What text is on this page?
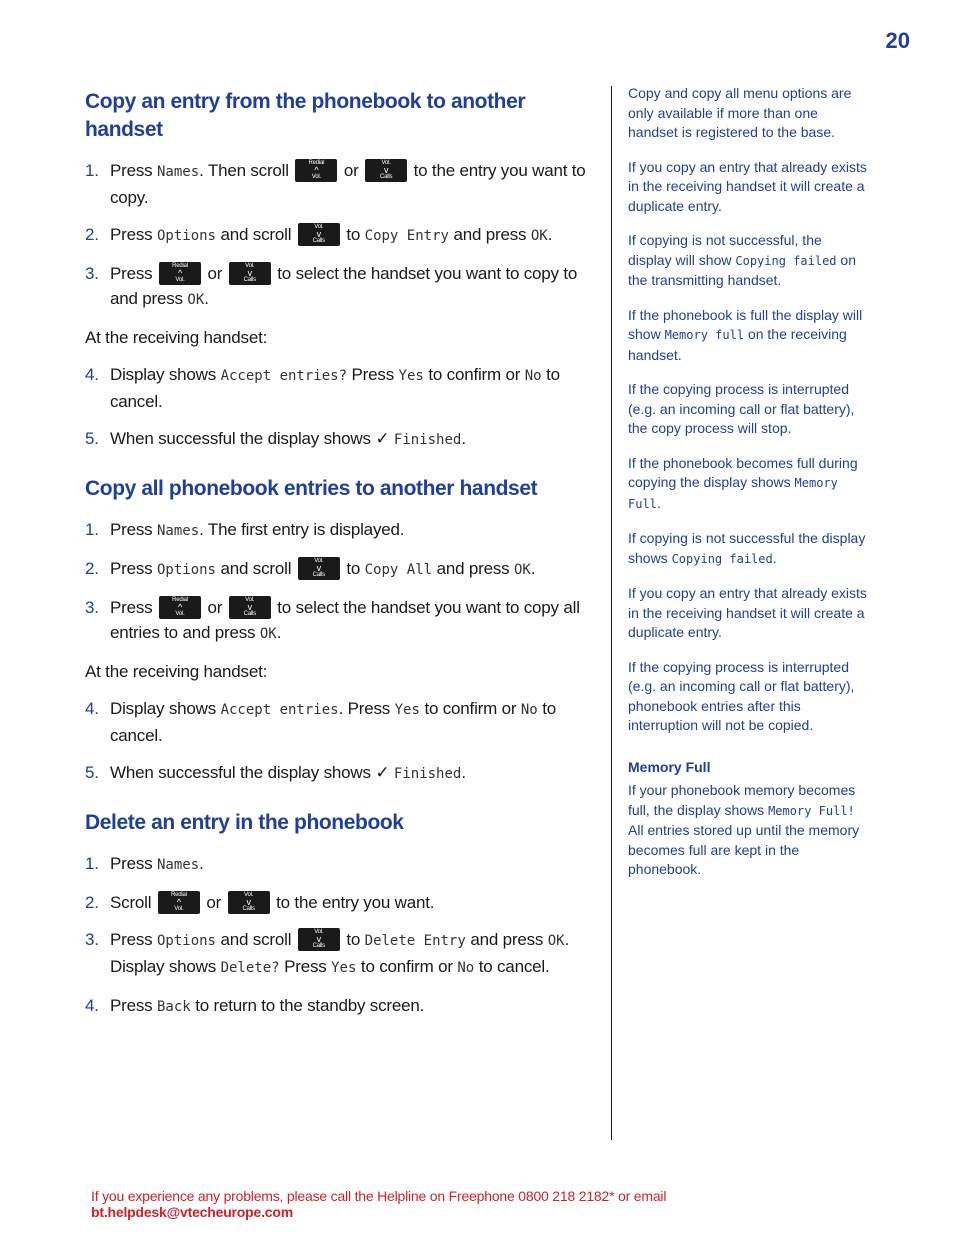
20
Copy an entry from the phonebook to another handset
1. Press Names. Then scroll	Redial
^
Vol.	or	Vol.
v
Calls to the entry you want to copy.
2. Press Options and scroll	Vol.
v
Calls to Copy Entry and press OK.
3. Press	Redial
^
Vol.	or	Vol.
v
Calls to select the handset you want to copy to and press OK.

At the receiving handset:

4. Display shows Accept entries? Press Yes to confirm or No to cancel.
5. When successful the display shows ✓ Finished.
Copy all phonebook entries to another handset
1. Press Names. The first entry is displayed.
2. Press Options and scroll	Vol.
v
Calls to Copy All and press OK.
3. Press	Redial
^
Vol.	or	Vol.
v
Calls to select the handset you want to copy all entries to and press OK.

At the receiving handset:

4. Display shows Accept entries. Press Yes to confirm or No to cancel.
5. When successful the display shows ✓ Finished.
Delete an entry in the phonebook
1. Press Names.
2. Scroll	Redial
^
Vol.	or	Vol.
v
Calls to the entry you want.
3. Press Options and scroll	Vol.
v
Calls to Delete Entry and press OK. Display shows Delete? Press Yes to confirm or No to cancel.
4. Press Back to return to the standby screen.

Copy and copy all menu options are only available if more than one handset is registered to the base.

If you copy an entry that already exists in the receiving handset it will create a duplicate entry.

If copying is not successful, the display will show Copying failed on the transmitting handset.

If the phonebook is full the display will show Memory full on the receiving handset.

If the copying process is interrupted (e.g. an incoming call or flat battery), the copy process will stop.

If the phonebook becomes full during copying the display shows Memory Full.

If copying is not successful the display shows Copying failed.

If you copy an entry that already exists in the receiving handset it will create a duplicate entry.

If the copying process is interrupted (e.g. an incoming call or flat battery), phonebook entries after this interruption will not be copied.

Memory Full

If your phonebook memory becomes full, the display shows Memory Full! All entries stored up until the memory becomes full are kept in the phonebook.

If you experience any problems, please call the Helpline on Freephone 0800 218 2182* or email bt.helpdesk@vtecheurope.com
